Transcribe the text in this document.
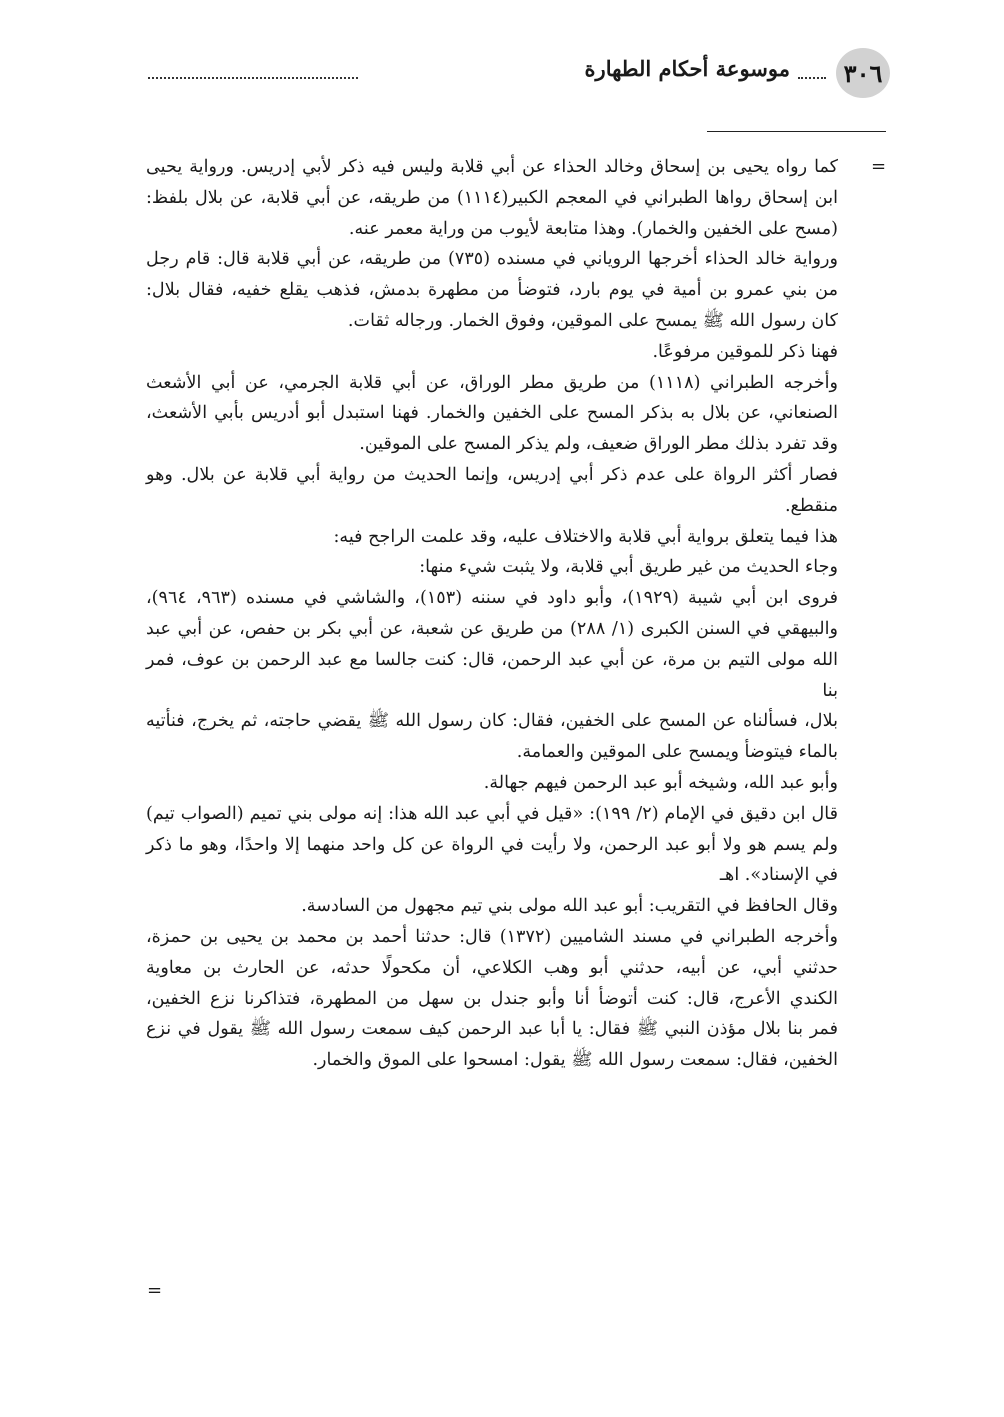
٣٠٦
موسوعة أحكام الطهارة
=
كما رواه يحيى بن إسحاق وخالد الحذاء عن أبي قلابة وليس فيه ذكر لأبي إدريس. ورواية يحيى
ابن إسحاق رواها الطبراني في المعجم الكبير(١١١٤) من طريقه، عن أبي قلابة، عن بلال بلفظ:
(مسح على الخفين والخمار). وهذا متابعة لأيوب من وراية معمر عنه.
ورواية خالد الحذاء أخرجها الروياني في مسنده (٧٣٥) من طريقه، عن أبي قلابة قال: قام رجل
من بني عمرو بن أمية في يوم بارد، فتوضأ من مطهرة بدمش، فذهب يقلع خفيه، فقال بلال:
كان رسول الله ﷺ يمسح على الموقين، وفوق الخمار. ورجاله ثقات.
فهنا ذكر للموقين مرفوعًا.
وأخرجه الطبراني (١١١٨) من طريق مطر الوراق، عن أبي قلابة الجرمي، عن أبي الأشعث
الصنعاني، عن بلال به بذكر المسح على الخفين والخمار. فهنا استبدل أبو أدريس بأبي الأشعث،
وقد تفرد بذلك مطر الوراق ضعيف، ولم يذكر المسح على الموقين.
فصار أكثر الرواة على عدم ذكر أبي إدريس، وإنما الحديث من رواية أبي قلابة عن بلال. وهو
منقطع.
هذا فيما يتعلق برواية أبي قلابة والاختلاف عليه، وقد علمت الراجح فيه:
وجاء الحديث من غير طريق أبي قلابة، ولا يثبت شيء منها:
فروى ابن أبي شيبة (١٩٢٩)، وأبو داود في سننه (١٥٣)، والشاشي في مسنده (٩٦٣، ٩٦٤)،
والبيهقي في السنن الكبرى (١/ ٢٨٨) من طريق عن شعبة، عن أبي بكر بن حفص، عن أبي عبد
الله مولى التيم بن مرة، عن أبي عبد الرحمن، قال: كنت جالسا مع عبد الرحمن بن عوف، فمر بنا
بلال، فسألناه عن المسح على الخفين، فقال: كان رسول الله ﷺ يقضي حاجته، ثم يخرج، فنأتيه
بالماء فيتوضأ ويمسح على الموقين والعمامة.
وأبو عبد الله، وشيخه أبو عبد الرحمن فيهم جهالة.
قال ابن دقيق في الإمام (٢/ ١٩٩): «قيل في أبي عبد الله هذا: إنه مولى بني تميم (الصواب تيم)
ولم يسم هو ولا أبو عبد الرحمن، ولا رأيت في الرواة عن كل واحد منهما إلا واحدًا، وهو ما ذكر
في الإسناد». اهـ
وقال الحافظ في التقريب: أبو عبد الله مولى بني تيم مجهول من السادسة.
وأخرجه الطبراني في مسند الشاميين (١٣٧٢) قال: حدثنا أحمد بن محمد بن يحيى بن حمزة،
حدثني أبي، عن أبيه، حدثني أبو وهب الكلاعي، أن مكحولًا حدثه، عن الحارث بن معاوية
الكندي الأعرج، قال: كنت أتوضأ أنا وأبو جندل بن سهل من المطهرة، فتذاكرنا نزع الخفين،
فمر بنا بلال مؤذن النبي ﷺ فقال: يا أبا عبد الرحمن كيف سمعت رسول الله ﷺ يقول في نزع
الخفين، فقال: سمعت رسول الله ﷺ يقول: امسحوا على الموق والخمار.
=
